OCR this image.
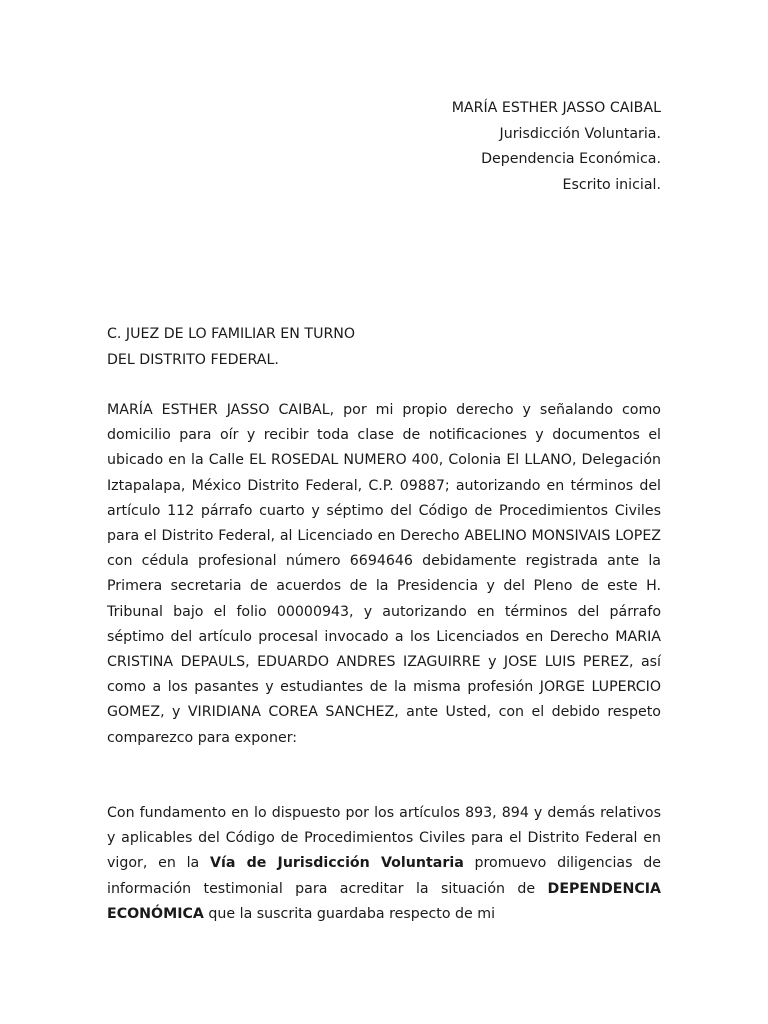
MARÍA ESTHER JASSO CAIBAL
Jurisdicción Voluntaria.
Dependencia Económica.
Escrito inicial.
C. JUEZ DE LO FAMILIAR EN TURNO
DEL DISTRITO FEDERAL.

MARÍA ESTHER JASSO CAIBAL, por mi propio derecho y señalando como domicilio para oír y recibir toda clase de notificaciones y documentos el ubicado en la Calle EL ROSEDAL NUMERO 400, Colonia El LLANO, Delegación Iztapalapa, México Distrito Federal, C.P. 09887; autorizando en términos del artículo 112 párrafo cuarto y séptimo del Código de Procedimientos Civiles para el Distrito Federal, al Licenciado en Derecho ABELINO MONSIVAIS LOPEZ con cédula profesional número 6694646 debidamente registrada ante la Primera secretaria de acuerdos de la Presidencia y del Pleno de este H. Tribunal bajo el folio 00000943, y autorizando en términos del párrafo séptimo del artículo procesal invocado a los Licenciados en Derecho MARIA CRISTINA DEPAULS, EDUARDO ANDRES IZAGUIRRE y JOSE LUIS PEREZ, así como a los pasantes y estudiantes de la misma profesión JORGE LUPERCIO GOMEZ, y VIRIDIANA COREA SANCHEZ, ante Usted, con el debido respeto comparezco para exponer:

Con fundamento en lo dispuesto por los artículos 893, 894 y demás relativos y aplicables del Código de Procedimientos Civiles para el Distrito Federal en vigor, en la Vía de Jurisdicción Voluntaria promuevo diligencias de información testimonial para acreditar la situación de DEPENDENCIA ECONÓMICA que la suscrita guardaba respecto de mi
